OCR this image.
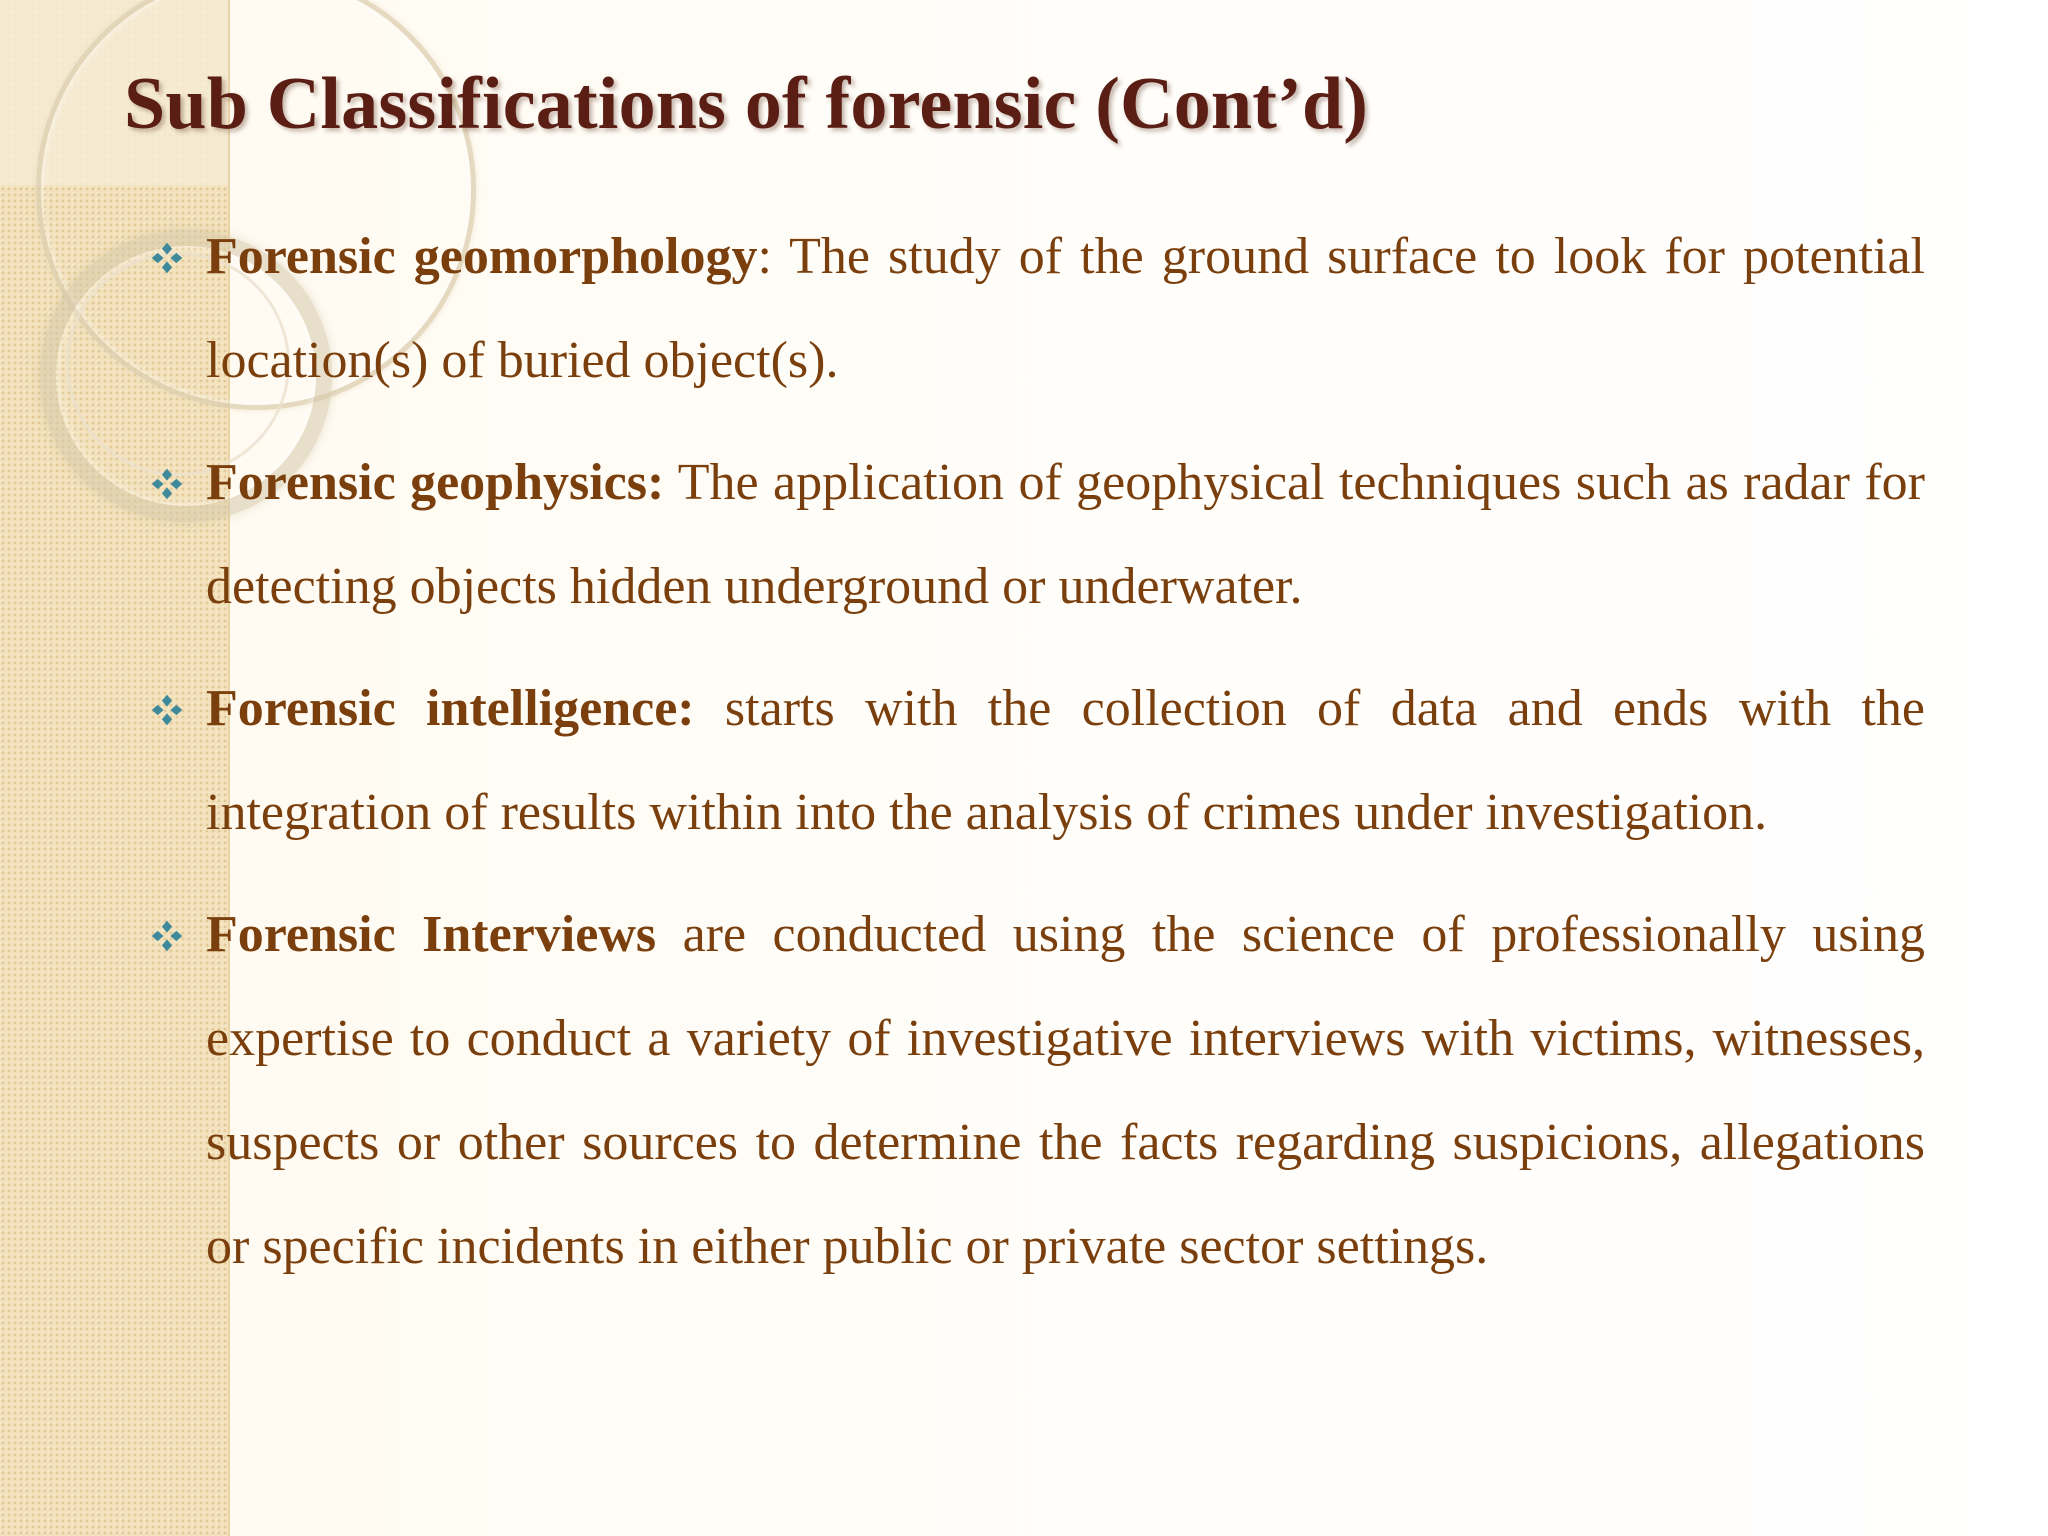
Sub Classifications of forensic (Cont’d)
Forensic geomorphology: The study of the ground surface to look for potential location(s) of buried object(s).
Forensic geophysics: The application of geophysical techniques such as radar for detecting objects hidden underground or underwater.
Forensic intelligence: starts with the collection of data and ends with the integration of results within into the analysis of crimes under investigation.
Forensic Interviews are conducted using the science of professionally using expertise to conduct a variety of investigative interviews with victims, witnesses, suspects or other sources to determine the facts regarding suspicions, allegations or specific incidents in either public or private sector settings.
